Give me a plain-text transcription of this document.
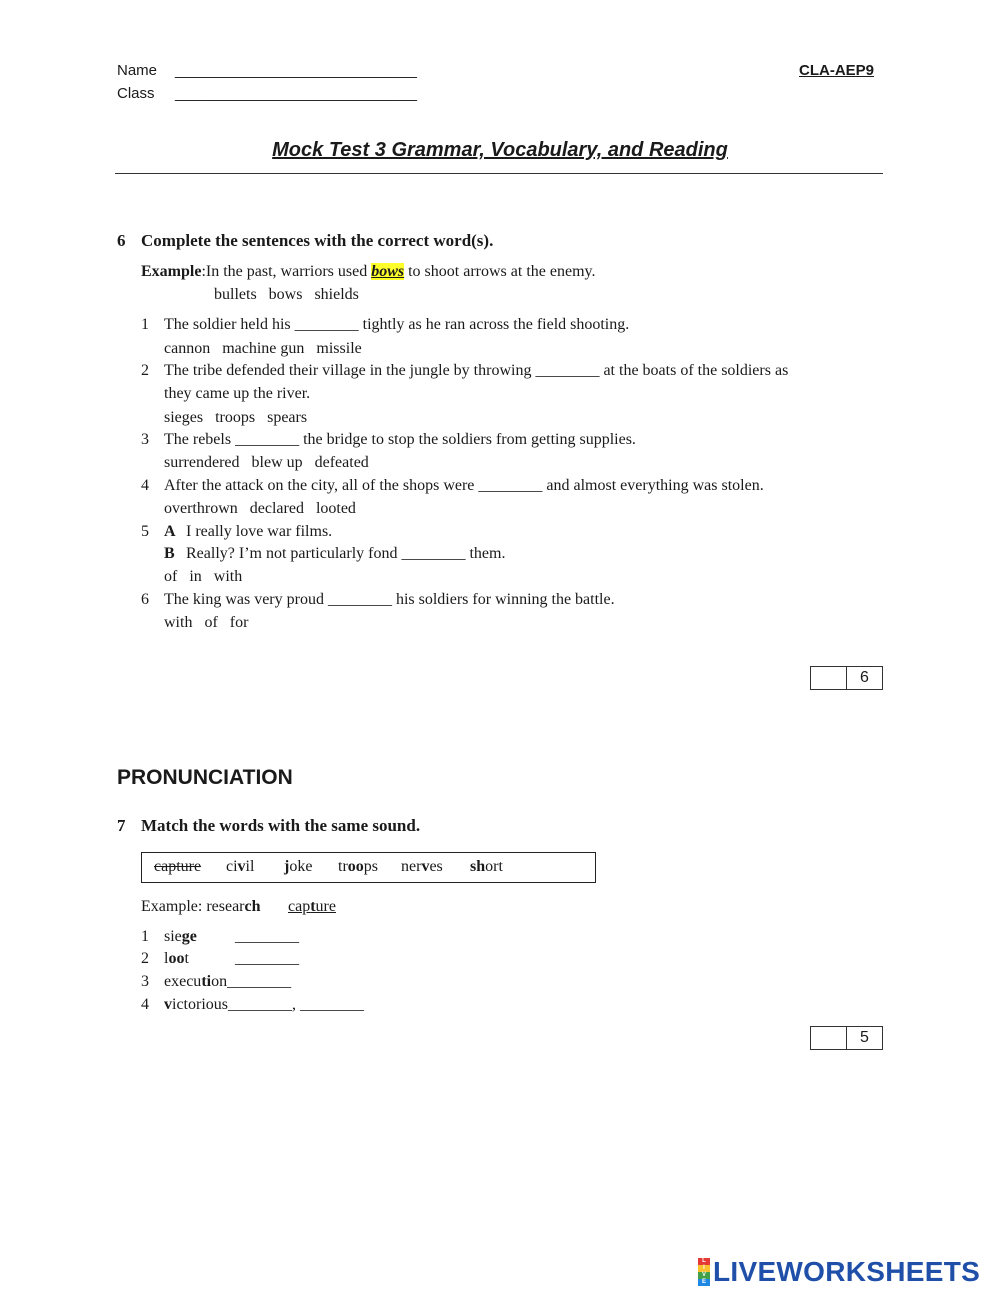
Name _____________________________
Class _____________________________
CLA-AEP9
Mock Test 3 Grammar, Vocabulary, and Reading
6 Complete the sentences with the correct word(s).
Example:In the past, warriors used bows to shoot arrows at the enemy.
bullets   bows   shields
1 The soldier held his ________ tightly as he ran across the field shooting.
cannon   machine gun   missile
2 The tribe defended their village in the jungle by throwing ________ at the boats of the soldiers as
they came up the river.
sieges   troops   spears
3 The rebels ________ the bridge to stop the soldiers from getting supplies.
surrendered   blew up   defeated
4 After the attack on the city, all of the shops were ________ and almost everything was stolen.
overthrown   declared   looted
5 A I really love war films.
B Really? I’m not particularly fond ________ them.
of   in   with
6 The king was very proud ________ his soldiers for winning the battle.
with   of   for
6
PRONUNCIATION
7 Match the words with the same sound.
capture civil joke troops nerves short
Example: research capture
1 siege ________
2 loot	________
3 execution________
4 victorious________, ________
5
L
I
V
E LIVEWORKSHEETS
